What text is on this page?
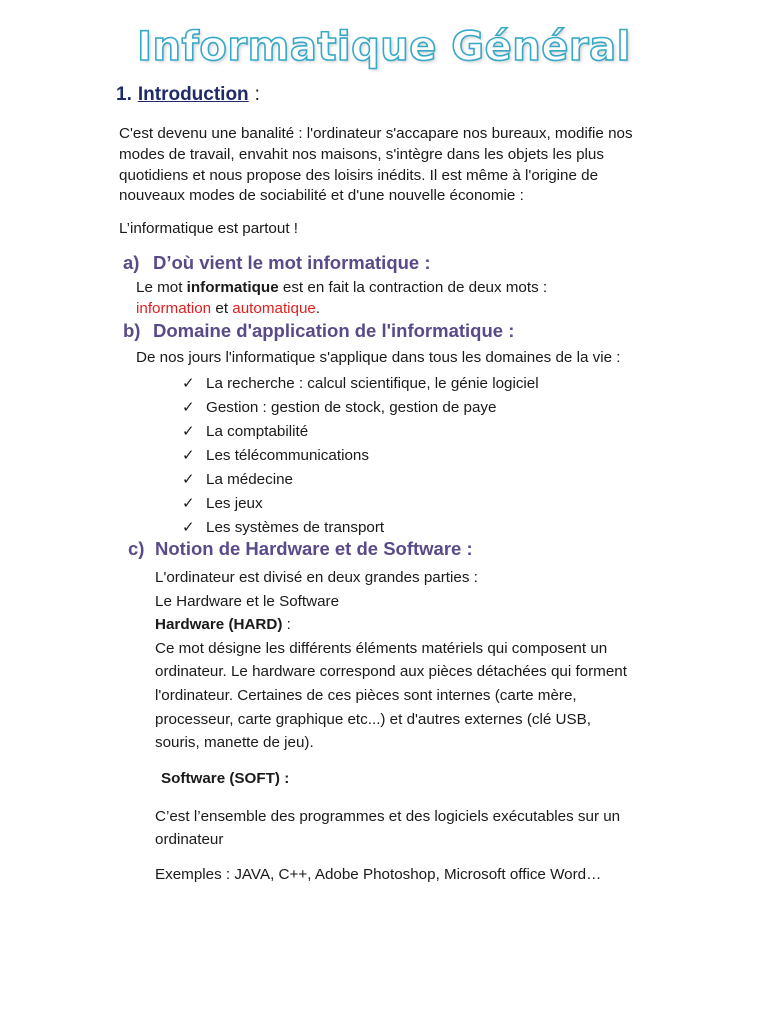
Informatique Général
1. Introduction :
C'est devenu une banalité : l'ordinateur s'accapare nos bureaux, modifie nos
modes de travail, envahit nos maisons, s'intègre dans les objets les plus
quotidiens et nous propose des loisirs inédits. Il est même à l'origine de
nouveaux modes de sociabilité et d'une nouvelle économie :
L’informatique est partout !
a) D’où vient le mot informatique :
Le mot informatique est en fait la contraction de deux mots :
information et automatique.
b) Domaine d'application de l'informatique :
De nos jours l'informatique s'applique dans tous les domaines de la vie :
✓ La recherche : calcul scientifique, le génie logiciel
✓ Gestion : gestion de stock, gestion de paye
✓ La comptabilité
✓ Les télécommunications
✓ La médecine
✓ Les jeux
✓ Les systèmes de transport
c) Notion de Hardware et de Software :
L'ordinateur est divisé en deux grandes parties :
Le Hardware et le Software
Hardware (HARD) :
Ce mot désigne les différents éléments matériels qui composent un
ordinateur. Le hardware correspond aux pièces détachées qui forment
l'ordinateur. Certaines de ces pièces sont internes (carte mère,
processeur, carte graphique etc...) et d'autres externes (clé USB,
souris, manette de jeu).
Software (SOFT) :
C’est l’ensemble des programmes et des logiciels exécutables sur un
ordinateur
Exemples : JAVA, C++, Adobe Photoshop, Microsoft office Word…
